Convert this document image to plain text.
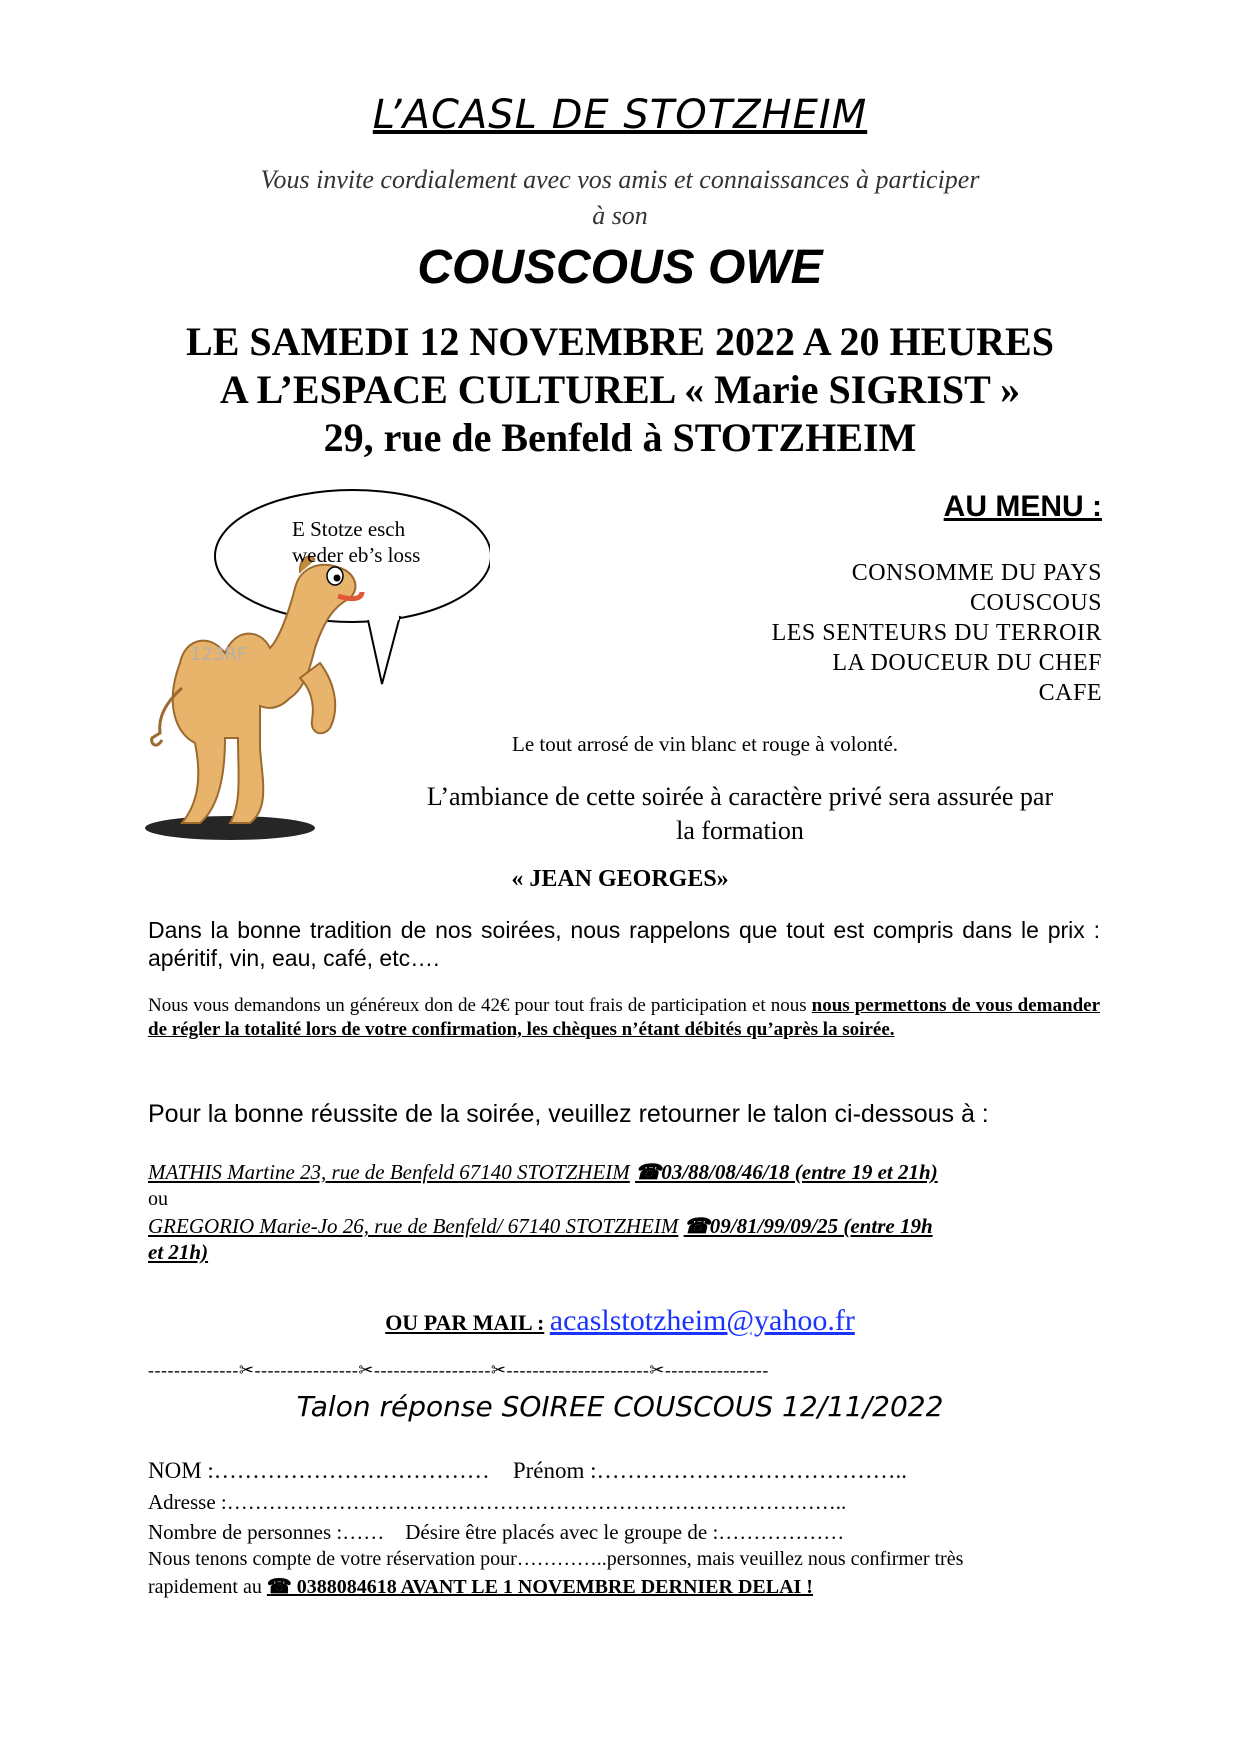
L’ACASL DE STOTZHEIM
Vous invite cordialement avec vos amis et connaissances à participer
à son
COUSCOUS OWE
LE SAMEDI 12 NOVEMBRE 2022 A 20 HEURES
A L’ESPACE CULTUREL « Marie SIGRIST »
29, rue de Benfeld à STOTZHEIM
123RF
E Stotze esch
weder eb’s loss
AU MENU :
CONSOMME DU PAYS
COUSCOUS
LES SENTEURS DU TERROIR
LA DOUCEUR DU CHEF
CAFE
Le tout arrosé de vin blanc et rouge à volonté.
L’ambiance de cette soirée à caractère privé sera assurée par
la formation
« JEAN GEORGES»
Dans la bonne tradition de nos soirées, nous rappelons que tout est compris dans le prix : apéritif, vin, eau, café, etc….
Nous vous demandons un généreux don de 42€ pour tout frais de participation et nous nous permettons de vous demander de régler la totalité lors de votre confirmation, les chèques n’étant débités qu’après la soirée.
Pour la bonne réussite de la soirée, veuillez retourner le talon ci-dessous à :
MATHIS Martine 23, rue de Benfeld 67140 STOTZHEIM ☎03/88/08/46/18 (entre 19 et 21h)
ou
GREGORIO Marie-Jo 26, rue de Benfeld/ 67140 STOTZHEIM ☎09/81/99/09/25 (entre 19h
et 21h)
OU PAR MAIL : acaslstotzheim@yahoo.fr
--------------✂----------------✂------------------✂----------------------✂----------------
Talon réponse SOIREE COUSCOUS 12/11/2022
NOM :……………………………… Prénom :…………………………………..
Adresse :……………………………………………………………………………..
Nombre de personnes :…… Désire être placés avec le groupe de :………………
Nous tenons compte de votre réservation pour…………..personnes, mais veuillez nous confirmer très
rapidement au ☎ 0388084618 AVANT LE 1 NOVEMBRE DERNIER DELAI !
